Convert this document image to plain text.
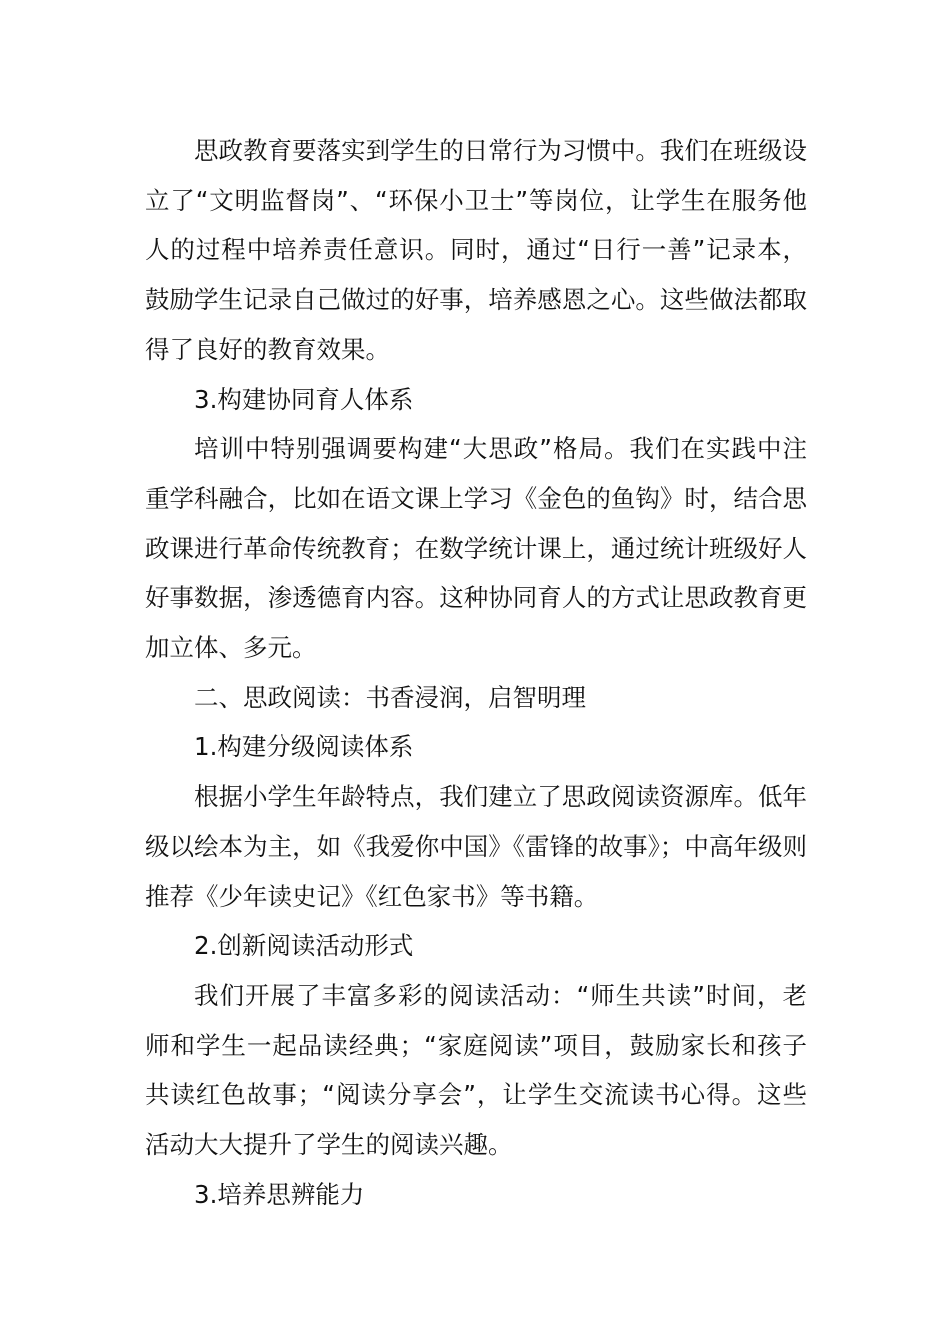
思政教育要落实到学生的日常行为习惯中。我们在班级设立了“文明监督岗”、“环保小卫士”等岗位，让学生在服务他人的过程中培养责任意识。同时，通过“日行一善”记录本，鼓励学生记录自己做过的好事，培养感恩之心。这些做法都取得了良好的教育效果。

3.构建协同育人体系

培训中特别强调要构建“大思政”格局。我们在实践中注重学科融合，比如在语文课上学习《金色的鱼钩》时，结合思政课进行革命传统教育；在数学统计课上，通过统计班级好人好事数据，渗透德育内容。这种协同育人的方式让思政教育更加立体、多元。

二、思政阅读：书香浸润，启智明理

1.构建分级阅读体系

根据小学生年龄特点，我们建立了思政阅读资源库。低年级以绘本为主，如《我爱你中国》《雷锋的故事》；中高年级则推荐《少年读史记》《红色家书》等书籍。

2.创新阅读活动形式

我们开展了丰富多彩的阅读活动：“师生共读”时间，老师和学生一起品读经典；“家庭阅读”项目，鼓励家长和孩子共读红色故事；“阅读分享会”，让学生交流读书心得。这些活动大大提升了学生的阅读兴趣。

3.培养思辨能力
